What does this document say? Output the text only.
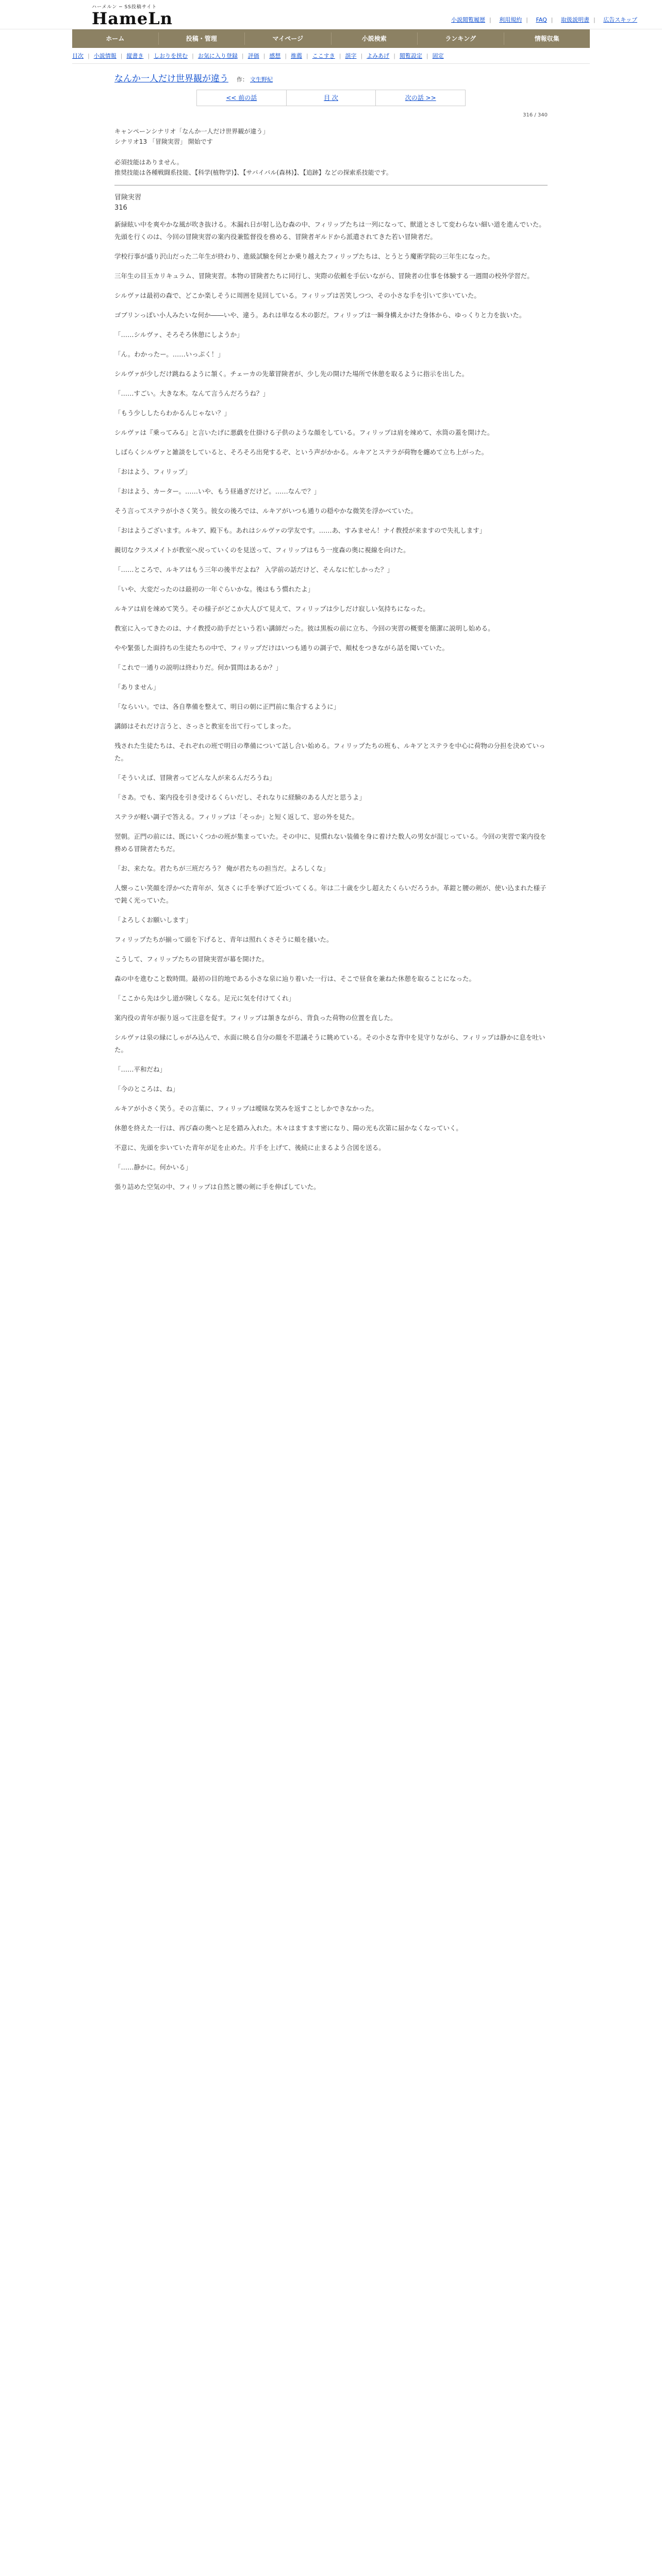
ハーメルン ─ SS投稿サイト
HameLn	小説閲覧履歴 | 利用規約 | FAQ | 取扱説明書 | 広告スキップ
ホーム	投稿・管理	マイページ	小説検索	ランキング	情報収集
目次 | 小説情報 | 縦書き | しおりを挟む | お気に入り登録 | 評価 | 感想 | 推薦 | ここすき | 誤字 | よみあげ | 閲覧設定 | 固定
なんか一人だけ世界観が違う 作： 文生野紀
<< 前の話	目 次	次の話 >>
316 / 340
キャンペーンシナリオ「なんか一人だけ世界観が違う」
シナリオ13 「冒険実習」 開始です

必須技能はありません。
推奨技能は各種戦闘系技能、【科学(植物学)】、【サバイバル(森林)】、【追跡】などの探索系技能です。
冒険実習
316

新緑眩い中を爽やかな風が吹き抜ける。木漏れ日が射し込む森の中、フィリップたちは一列になって、獣道とさして変わらない細い道を進んでいた。先頭を行くのは、今回の冒険実習の案内役兼監督役を務める、冒険者ギルドから派遣されてきた若い冒険者だ。

学校行事が盛り沢山だった二年生が終わり、進級試験を何とか乗り越えたフィリップたちは、とうとう魔術学院の三年生になった。

三年生の目玉カリキュラム、冒険実習。本物の冒険者たちに同行し、実際の依頼を手伝いながら、冒険者の仕事を体験する一週間の校外学習だ。

シルヴァは最初の森で、どこか楽しそうに周囲を見回している。フィリップは苦笑しつつ、その小さな手を引いて歩いていた。

ゴブリンっぽい小人みたいな何か――いや、違う。あれは単なる木の影だ。フィリップは一瞬身構えかけた身体から、ゆっくりと力を抜いた。

「……シルヴァ、そろそろ休憩にしようか」

「ん。わかったー。……いっぷく！」

シルヴァが少しだけ跳ねるように頷く。チェーカの先輩冒険者が、少し先の開けた場所で休憩を取るように指示を出した。

「……すごい。大きな木。なんて言うんだろうね？」

「もう少ししたらわかるんじゃない？」

シルヴァは『乗ってみる』と言いたげに悪戯を仕掛ける子供のような顔をしている。フィリップは肩を竦めて、水筒の蓋を開けた。

しばらくシルヴァと雑談をしていると、そろそろ出発するぞ、という声がかかる。ルキアとステラが荷物を纏めて立ち上がった。

「おはよう、フィリップ」

「おはよう、カーター。……いや、もう昼過ぎだけど。……なんで？」

そう言ってステラが小さく笑う。彼女の後ろでは、ルキアがいつも通りの穏やかな微笑を浮かべていた。

「おはようございます。ルキア、殿下も。あれはシルヴァの学友です。……あ、すみません！ナイ教授が来ますので失礼します」

親切なクラスメイトが教室へ戻っていくのを見送って、フィリップはもう一度森の奥に視線を向けた。

「……ところで、ルキアはもう三年の後半だよね？ 入学前の話だけど、そんなに忙しかった？」

「いや、大変だったのは最初の一年ぐらいかな。後はもう慣れたよ」

ルキアは肩を竦めて笑う。その様子がどこか大人びて見えて、フィリップは少しだけ寂しい気持ちになった。

教室に入ってきたのは、ナイ教授の助手だという若い講師だった。彼は黒板の前に立ち、今回の実習の概要を簡潔に説明し始める。

やや緊張した面持ちの生徒たちの中で、フィリップだけはいつも通りの調子で、頬杖をつきながら話を聞いていた。

「これで一通りの説明は終わりだ。何か質問はあるか？」

「ありません」

「ならいい。では、各自準備を整えて、明日の朝に正門前に集合するように」

講師はそれだけ言うと、さっさと教室を出て行ってしまった。

残された生徒たちは、それぞれの班で明日の準備について話し合い始める。フィリップたちの班も、ルキアとステラを中心に荷物の分担を決めていった。

「そういえば、冒険者ってどんな人が来るんだろうね」

「さあ。でも、案内役を引き受けるくらいだし、それなりに経験のある人だと思うよ」

ステラが軽い調子で答える。フィリップは「そっか」と短く返して、窓の外を見た。

翌朝。正門の前には、既にいくつかの班が集まっていた。その中に、見慣れない装備を身に着けた数人の男女が混じっている。今回の実習で案内役を務める冒険者たちだ。

「お、来たな。君たちが三班だろう？ 俺が君たちの担当だ。よろしくな」

人懐っこい笑顔を浮かべた青年が、気さくに手を挙げて近づいてくる。年は二十歳を少し超えたくらいだろうか。革鎧と腰の剣が、使い込まれた様子で鈍く光っていた。

「よろしくお願いします」

フィリップたちが揃って頭を下げると、青年は照れくさそうに頬を掻いた。

こうして、フィリップたちの冒険実習が幕を開けた。

森の中を進むこと数時間。最初の目的地である小さな泉に辿り着いた一行は、そこで昼食を兼ねた休憩を取ることになった。

「ここから先は少し道が険しくなる。足元に気を付けてくれ」

案内役の青年が振り返って注意を促す。フィリップは頷きながら、背負った荷物の位置を直した。

シルヴァは泉の縁にしゃがみ込んで、水面に映る自分の顔を不思議そうに眺めている。その小さな背中を見守りながら、フィリップは静かに息を吐いた。

「……平和だね」

「今のところは、ね」

ルキアが小さく笑う。その言葉に、フィリップは曖昧な笑みを返すことしかできなかった。

休憩を終えた一行は、再び森の奥へと足を踏み入れた。木々はますます密になり、陽の光も次第に届かなくなっていく。

不意に、先頭を歩いていた青年が足を止めた。片手を上げて、後続に止まるよう合図を送る。

「……静かに。何かいる」

張り詰めた空気の中、フィリップは自然と腰の剣に手を伸ばしていた。
